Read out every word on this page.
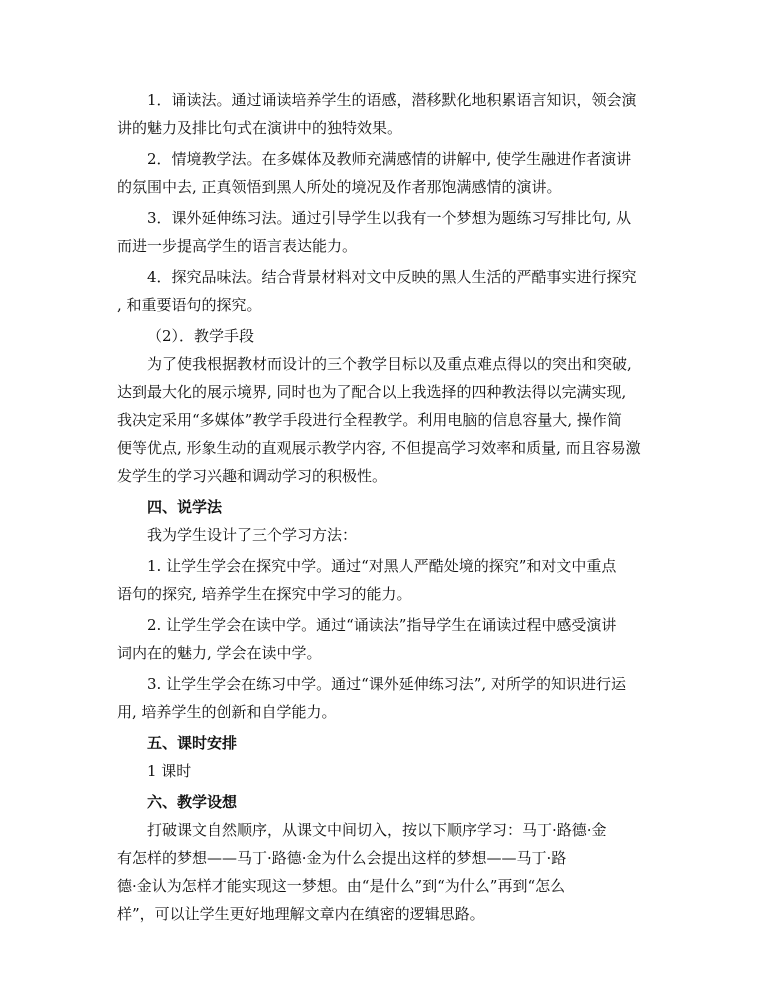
1．诵读法。通过诵读培养学生的语感，潜移默化地积累语言知识，领会演

讲的魅力及排比句式在演讲中的独特效果。

2．情境教学法。在多媒体及教师充满感情的讲解中, 使学生融进作者演讲

的氛围中去, 正真领悟到黑人所处的境况及作者那饱满感情的演讲。

3．课外延伸练习法。通过引导学生以我有一个梦想为题练习写排比句, 从

而进一步提高学生的语言表达能力。

4．探究品味法。结合背景材料对文中反映的黑人生活的严酷事实进行探究

, 和重要语句的探究。

（2）．教学手段

为了使我根据教材而设计的三个教学目标以及重点难点得以的突出和突破,

达到最大化的展示境界, 同时也为了配合以上我选择的四种教法得以完满实现,

我决定采用“多媒体”教学手段进行全程教学。利用电脑的信息容量大, 操作简

便等优点, 形象生动的直观展示教学内容, 不但提高学习效率和质量, 而且容易激

发学生的学习兴趣和调动学习的积极性。

四、说学法

我为学生设计了三个学习方法：

1. 让学生学会在探究中学。通过“对黑人严酷处境的探究”和对文中重点

语句的探究, 培养学生在探究中学习的能力。

2. 让学生学会在读中学。通过“诵读法”指导学生在诵读过程中感受演讲

词内在的魅力, 学会在读中学。

3. 让学生学会在练习中学。通过“课外延伸练习法”, 对所学的知识进行运

用, 培养学生的创新和自学能力。

五、课时安排

1 课时

六、教学设想

打破课文自然顺序，从课文中间切入，按以下顺序学习：马丁·路德·金

有怎样的梦想——马丁·路德·金为什么会提出这样的梦想——马丁·路

德·金认为怎样才能实现这一梦想。由“是什么”到“为什么”再到“怎么

样”，可以让学生更好地理解文章内在缜密的逻辑思路。
